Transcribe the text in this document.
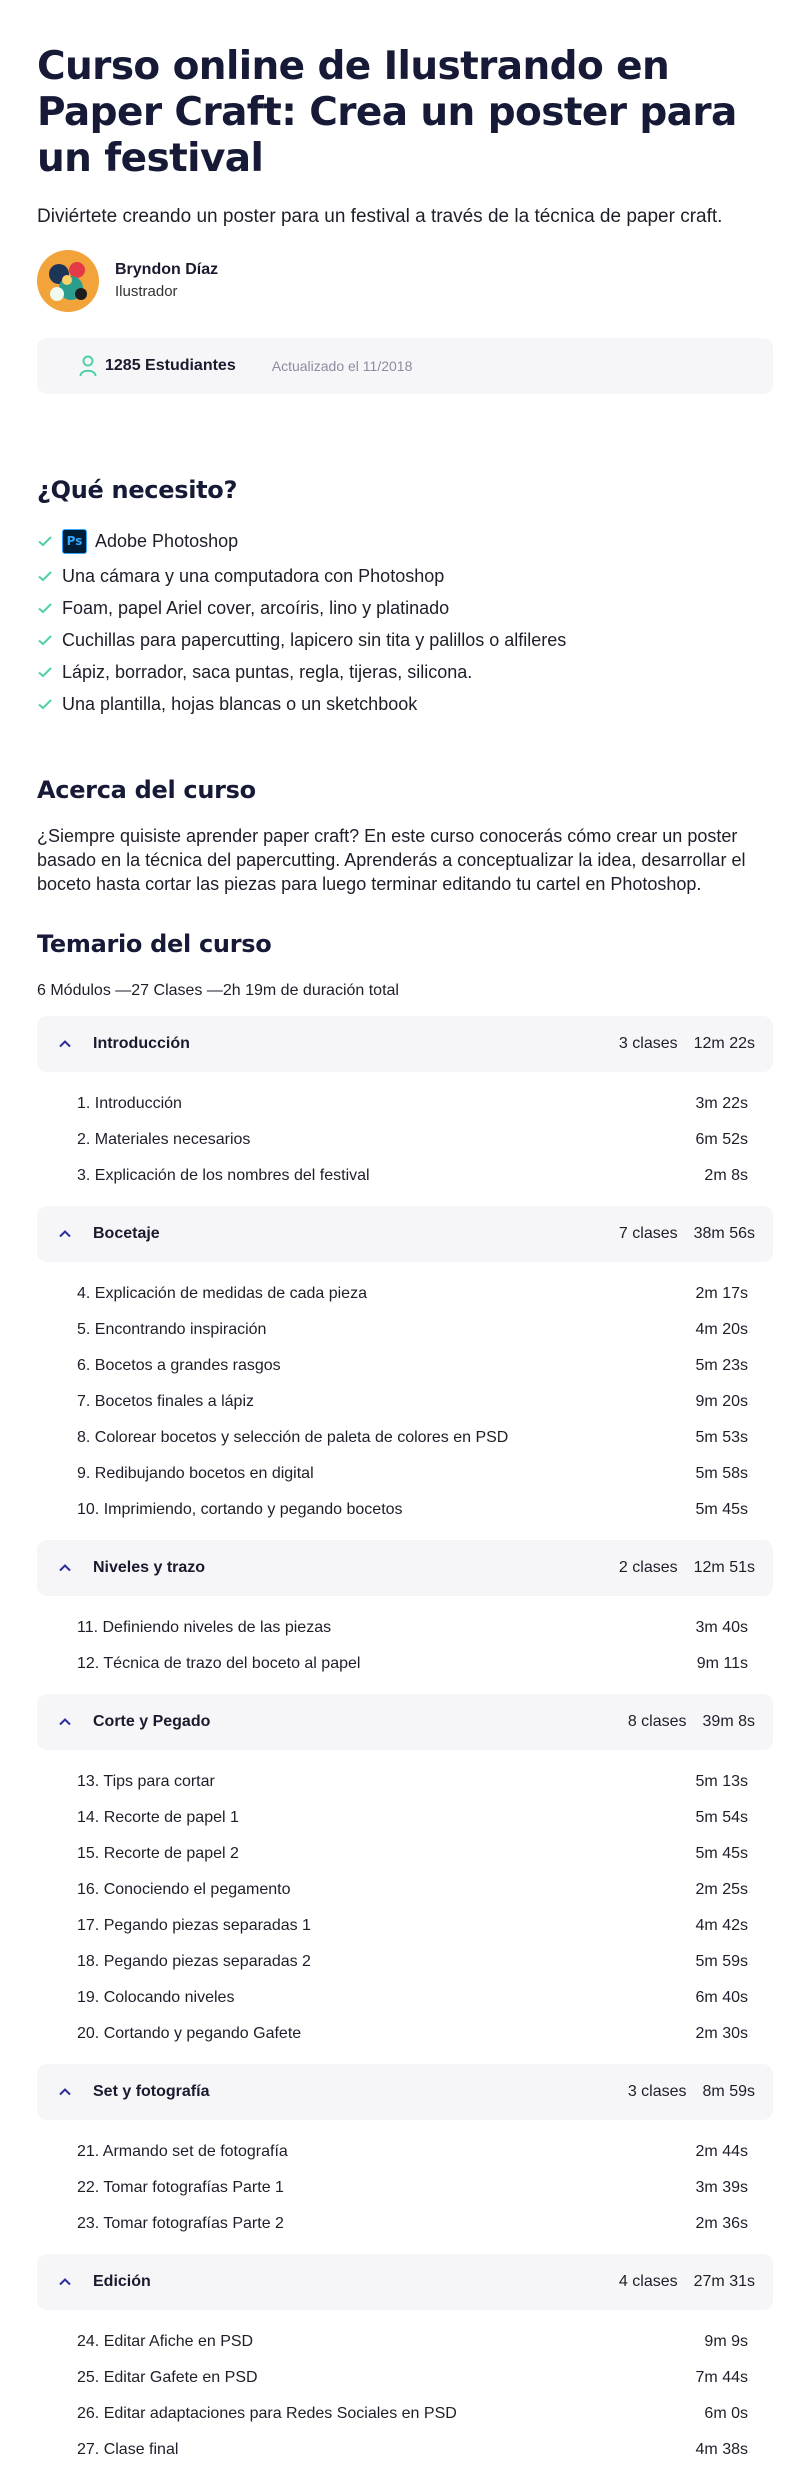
Curso online de Ilustrando en Paper Craft: Crea un poster para un festival

Diviértete creando un poster para un festival a través de la técnica de paper craft.

Bryndon Díaz
Ilustrador
1285 Estudiantes	Actualizado el 11/2018
¿Qué necesito?
Ps Adobe Photoshop
Una cámara y una computadora con Photoshop
Foam, papel Ariel cover, arcoíris, lino y platinado
Cuchillas para papercutting, lapicero sin tita y palillos o alfileres
Lápiz, borrador, saca puntas, regla, tijeras, silicona.
Una plantilla, hojas blancas o un sketchbook
Acerca del curso

¿Siempre quisiste aprender paper craft? En este curso conocerás cómo crear un poster basado en la técnica del papercutting. Aprenderás a conceptualizar la idea, desarrollar el boceto hasta cortar las piezas para luego terminar editando tu cartel en Photoshop.

Temario del curso

6 Módulos —27 Clases —2h 19m de duración total

Introducción	3 clases 12m 22s
1. Introducción	3m 22s
2. Materiales necesarios	6m 52s
3. Explicación de los nombres del festival	2m 8s
Bocetaje	7 clases 38m 56s
4. Explicación de medidas de cada pieza	2m 17s
5. Encontrando inspiración	4m 20s
6. Bocetos a grandes rasgos	5m 23s
7. Bocetos finales a lápiz	9m 20s
8. Colorear bocetos y selección de paleta de colores en PSD	5m 53s
9. Redibujando bocetos en digital	5m 58s
10. Imprimiendo, cortando y pegando bocetos	5m 45s
Niveles y trazo	2 clases 12m 51s
11. Definiendo niveles de las piezas	3m 40s
12. Técnica de trazo del boceto al papel	9m 11s
Corte y Pegado	8 clases 39m 8s
13. Tips para cortar	5m 13s
14. Recorte de papel 1	5m 54s
15. Recorte de papel 2	5m 45s
16. Conociendo el pegamento	2m 25s
17. Pegando piezas separadas 1	4m 42s
18. Pegando piezas separadas 2	5m 59s
19. Colocando niveles	6m 40s
20. Cortando y pegando Gafete	2m 30s
Set y fotografía	3 clases 8m 59s
21. Armando set de fotografía	2m 44s
22. Tomar fotografías Parte 1	3m 39s
23. Tomar fotografías Parte 2	2m 36s
Edición	4 clases 27m 31s
24. Editar Afiche en PSD	9m 9s
25. Editar Gafete en PSD	7m 44s
26. Editar adaptaciones para Redes Sociales en PSD	6m 0s
27. Clase final	4m 38s
